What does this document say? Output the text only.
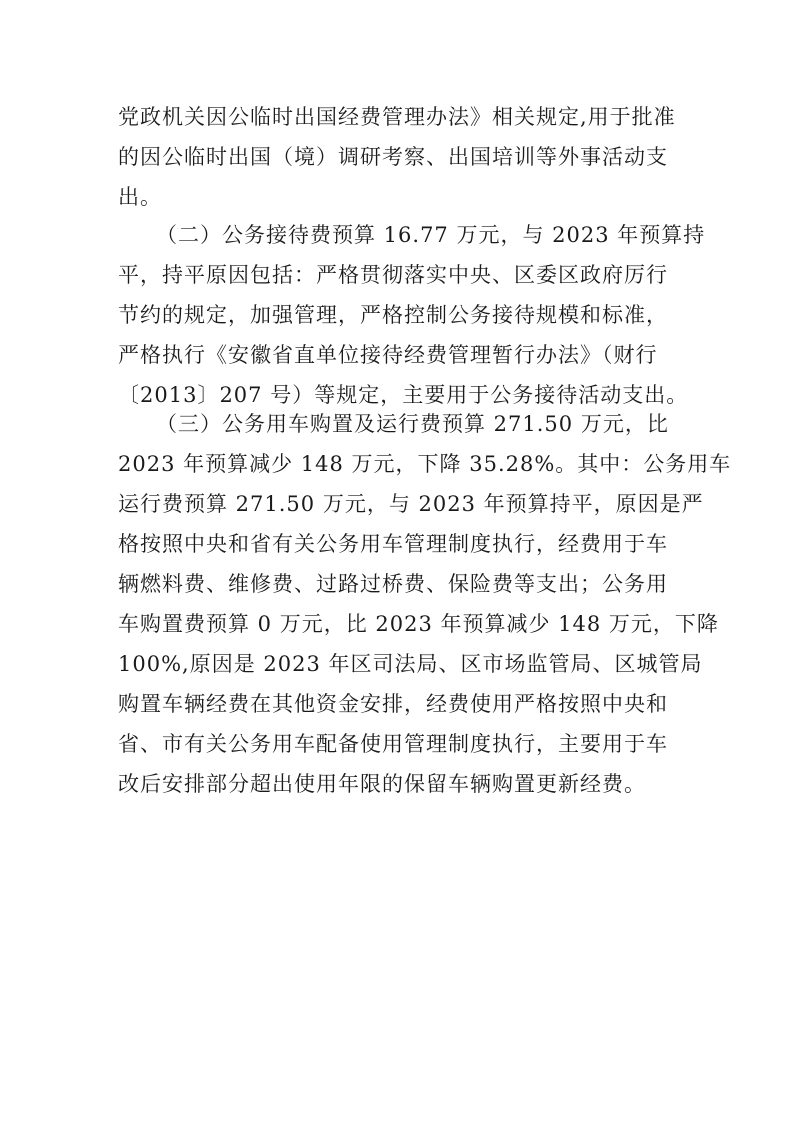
党政机关因公临时出国经费管理办法》相关规定,用于批准
的因公临时出国（境）调研考察、出国培训等外事活动支
出。
（二）公务接待费预算 16.77 万元，与 2023 年预算持
平，持平原因包括：严格贯彻落实中央、区委区政府厉行
节约的规定，加强管理，严格控制公务接待规模和标准，
严格执行《安徽省直单位接待经费管理暂行办法》（财行
〔2013〕207 号）等规定，主要用于公务接待活动支出。
（三）公务用车购置及运行费预算 271.50 万元，比
2023 年预算减少 148 万元，下降 35.28%。其中：公务用车
运行费预算 271.50 万元，与 2023 年预算持平，原因是严
格按照中央和省有关公务用车管理制度执行，经费用于车
辆燃料费、维修费、过路过桥费、保险费等支出；公务用
车购置费预算 0 万元，比 2023 年预算减少 148 万元，下降
100%,原因是 2023 年区司法局、区市场监管局、区城管局
购置车辆经费在其他资金安排，经费使用严格按照中央和
省、市有关公务用车配备使用管理制度执行，主要用于车
改后安排部分超出使用年限的保留车辆购置更新经费。
